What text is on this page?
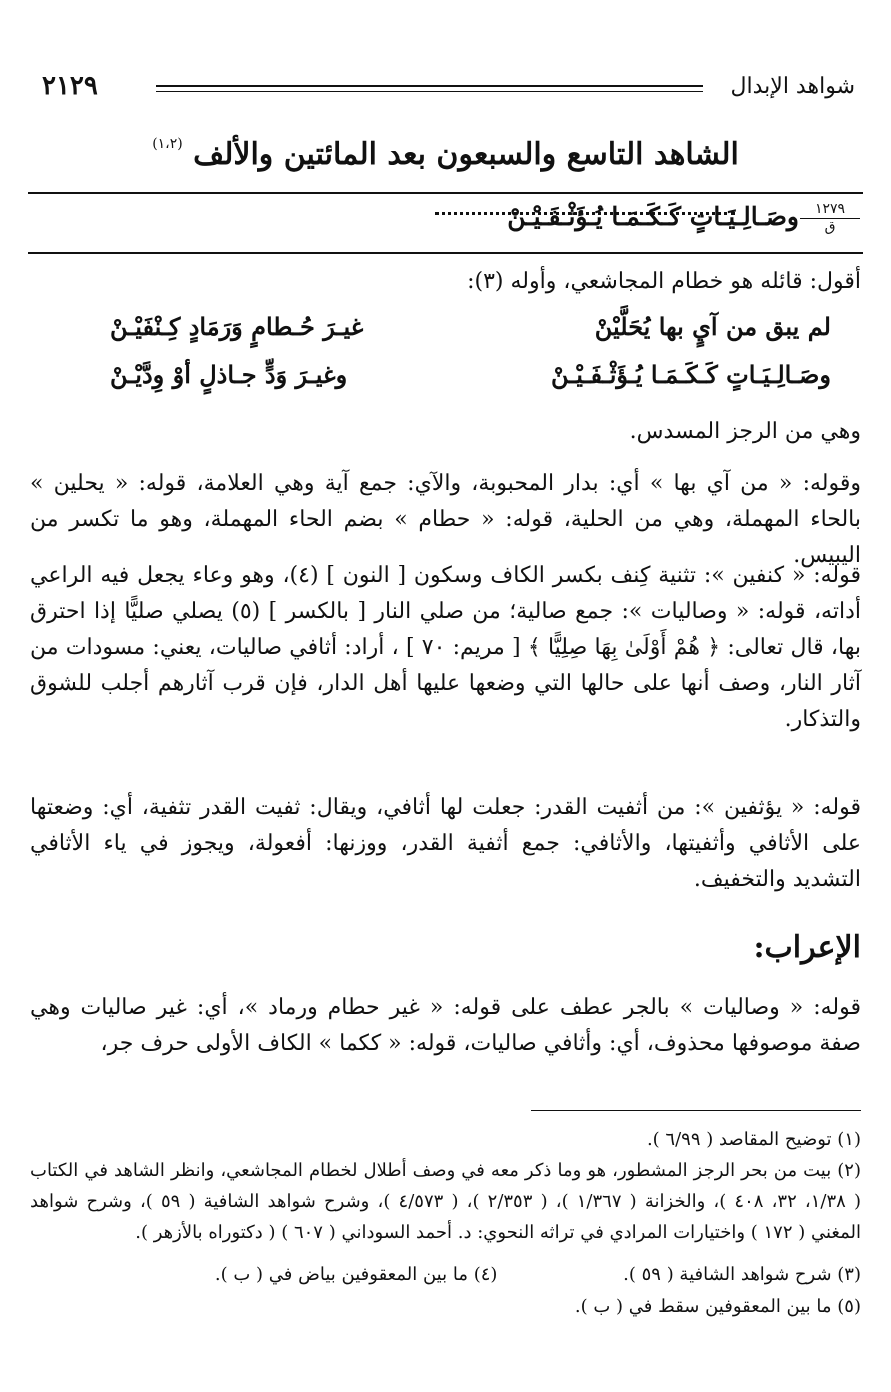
شواهد الإبدال
٢١٢٩
الشاهد التاسع والسبعون بعد المائتين والألف $^{(١،٢)}$
١٢٧٩
ق
وصَـالِـيَـاتٍ كَـكَـمَـا يُـؤَثْـفَـيْـنْ
أقول: قائله هو خطام المجاشعي، وأوله (٣):
لم يبق من آيٍ بها يُحَلَّيْنْ
غيـرَ حُـطامٍ وَرَمَادٍ كِـنْفَيْـنْ
وصَـالِـيَـاتٍ كَـكَـمَـا يُـؤَثْـفَـيْـنْ
وغيـرَ وَدٍّ جـاذلٍ أوْ وِدَّيْـنْ
وهي من الرجز المسدس.
وقوله: « من آي بها » أي: بدار المحبوبة، والآي: جمع آية وهي العلامة، قوله: « يحلين » بالحاء المهملة، وهي من الحلية، قوله: « حطام » بضم الحاء المهملة، وهو ما تكسر من اليبيس.
قوله: « كنفين »: تثنية كِنف بكسر الكاف وسكون [ النون ] (٤)، وهو وعاء يجعل فيه الراعي أداته، قوله: « وصاليات »: جمع صالية؛ من صلي النار [ بالكسر ] (٥) يصلي صليًّا إذا احترق بها، قال تعالى: ﴿ هُمْ أَوْلَىٰ بِهَا صِلِيًّا ﴾ [ مريم: ٧٠ ] ، أراد: أثافي صاليات، يعني: مسودات من آثار النار، وصف أنها على حالها التي وضعها عليها أهل الدار، فإن قرب آثارهم أجلب للشوق والتذكار.
قوله: « يؤثفين »: من أثفيت القدر: جعلت لها أثافي، ويقال: ثفيت القدر تثفية، أي: وضعتها على الأثافي وأثفيتها، والأثافي: جمع أثفية القدر، ووزنها: أفعولة، ويجوز في ياء الأثافي التشديد والتخفيف.
الإعراب:
قوله: « وصاليات » بالجر عطف على قوله: « غير حطام ورماد »، أي: غير صاليات وهي صفة موصوفها محذوف، أي: وأثافي صاليات، قوله: « ككما » الكاف الأولى حرف جر،
(١) توضيح المقاصد ( ٦/٩٩ ).
(٢) بيت من بحر الرجز المشطور، هو وما ذكر معه في وصف أطلال لخطام المجاشعي، وانظر الشاهد في الكتاب ( ١/٣٨، ٣٢، ٤٠٨ )، والخزانة ( ١/٣٦٧ )، ( ٢/٣٥٣ )، ( ٤/٥٧٣ )، وشرح شواهد الشافية ( ٥٩ )، وشرح شواهد المغني ( ١٧٢ ) واختيارات المرادي في تراثه النحوي: د. أحمد السوداني ( ٦٠٧ ) ( دكتوراه بالأزهر ).
(٣) شرح شواهد الشافية ( ٥٩ ). (٤) ما بين المعقوفين بياض في ( ب ).
(٥) ما بين المعقوفين سقط في ( ب ).
